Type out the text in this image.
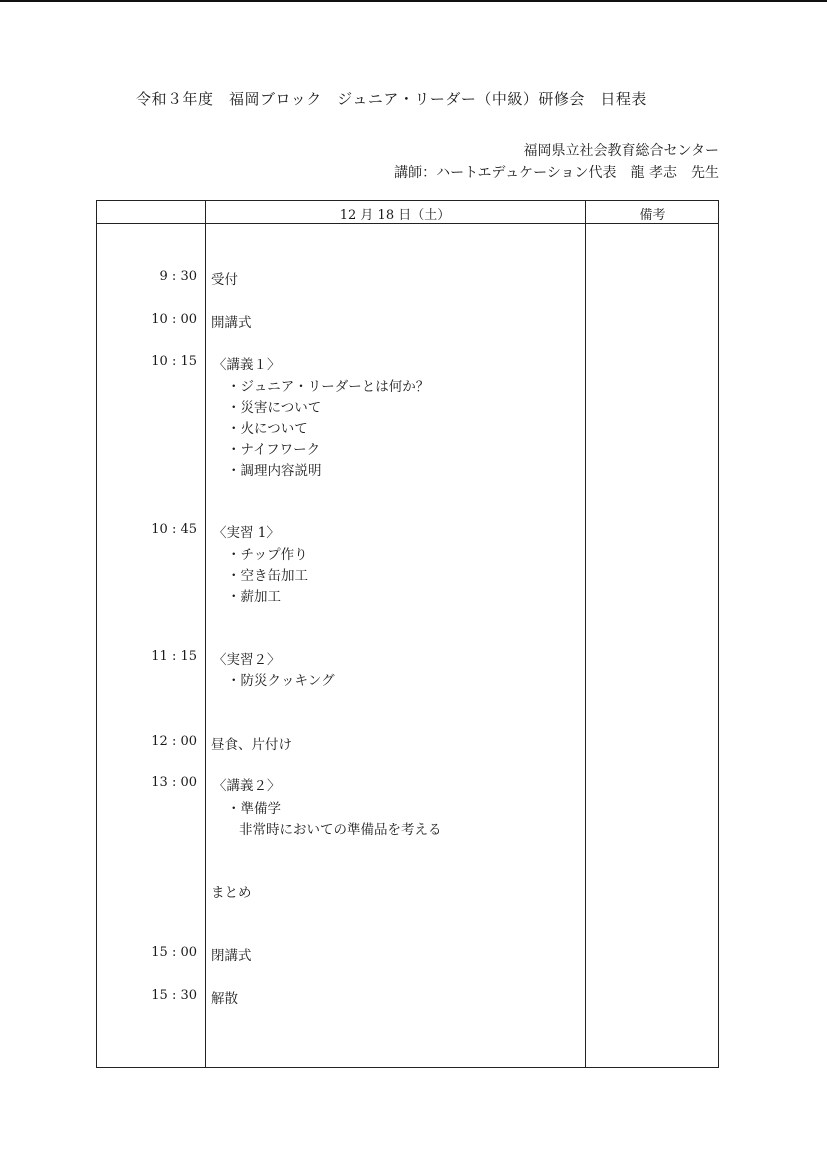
令和３年度　福岡ブロック　ジュニア・リーダー（中級）研修会　日程表
福岡県立社会教育総合センター
講師：ハートエデュケーション代表　龍 孝志　先生
12 月 18 日（土）	備考
9 : 30 受付
10 : 00 開講式
10 : 15 〈講義１〉
・ジュニア・リーダーとは何か？
・災害について
・火について
・ナイフワーク
・調理内容説明
10 : 45 〈実習 1〉
・チップ作り
・空き缶加工
・薪加工
11 : 15 〈実習２〉
・防災クッキング
12 : 00 昼食、片付け
13 : 00 〈講義２〉
・準備学
非常時においての準備品を考える
まとめ
15 : 00 閉講式
15 : 30 解散
